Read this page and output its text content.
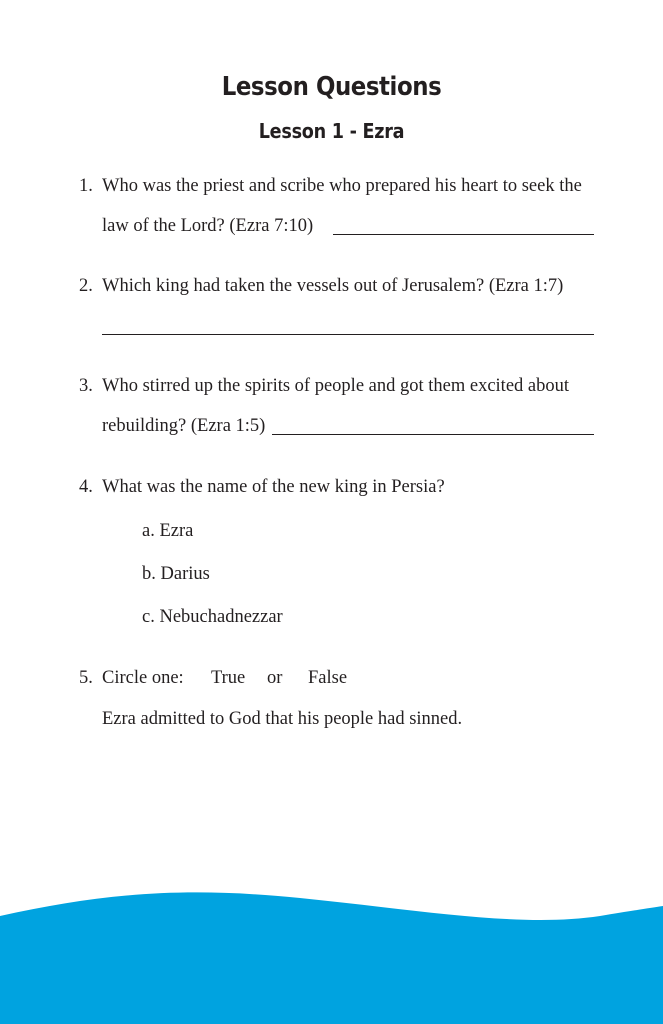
Lesson Questions
Lesson 1 - Ezra
1. Who was the priest and scribe who prepared his heart to seek the
law of the Lord? (Ezra 7:10)
2. Which king had taken the vessels out of Jerusalem? (Ezra 1:7)
3. Who stirred up the spirits of people and got them excited about
rebuilding? (Ezra 1:5)
4. What was the name of the new king in Persia?
a. Ezra
b. Darius
c. Nebuchadnezzar
5. Circle one: True or False
Ezra admitted to God that his people had sinned.
